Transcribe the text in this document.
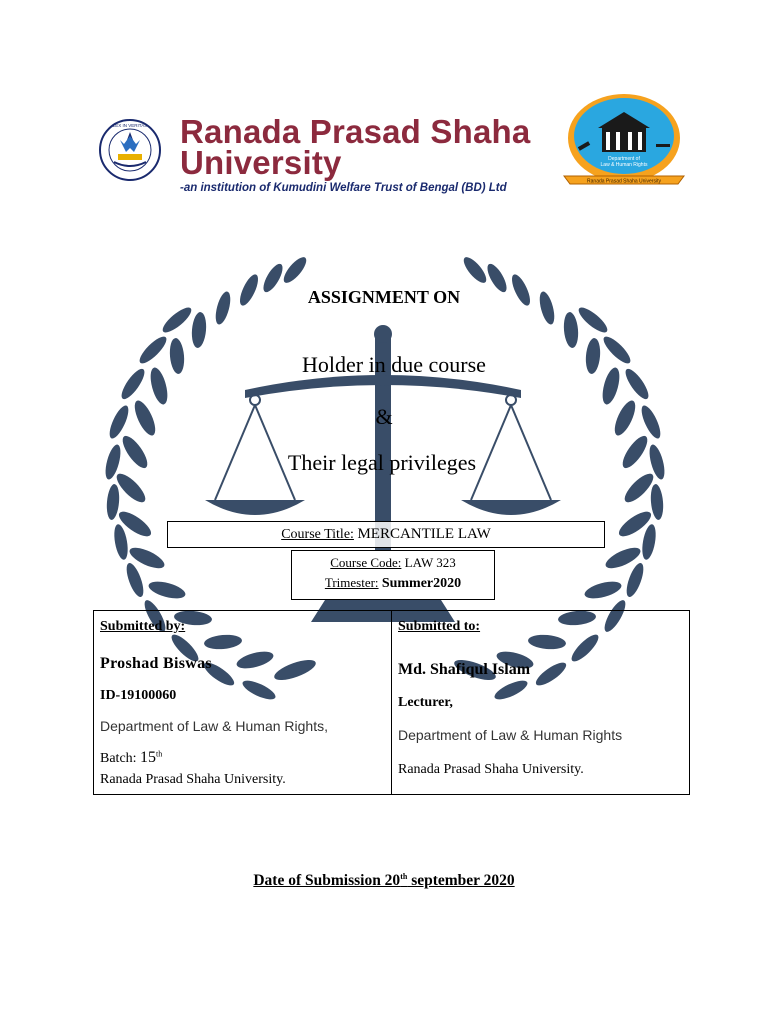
LEX IN VERITAS Ranada Prasad Shaha
University
-an institution of Kumudini Welfare Trust of Bengal (BD) Ltd
Department of
Law & Human Rights
Ranada Prasad Shaha University
ASSIGNMENT ON
Holder in due course
&
Their legal privileges
Course Title: MERCANTILE LAW
Course Code: LAW 323
Trimester: Summer2020
Submitted by:
Proshad Biswas
ID-19100060
Department of Law & Human Rights,
Batch: 15th
Ranada Prasad Shaha University.
Submitted to:
Md. Shafiqul Islam
Lecturer,
Department of Law & Human Rights
Ranada Prasad Shaha University.
Date of Submission 20th september 2020
